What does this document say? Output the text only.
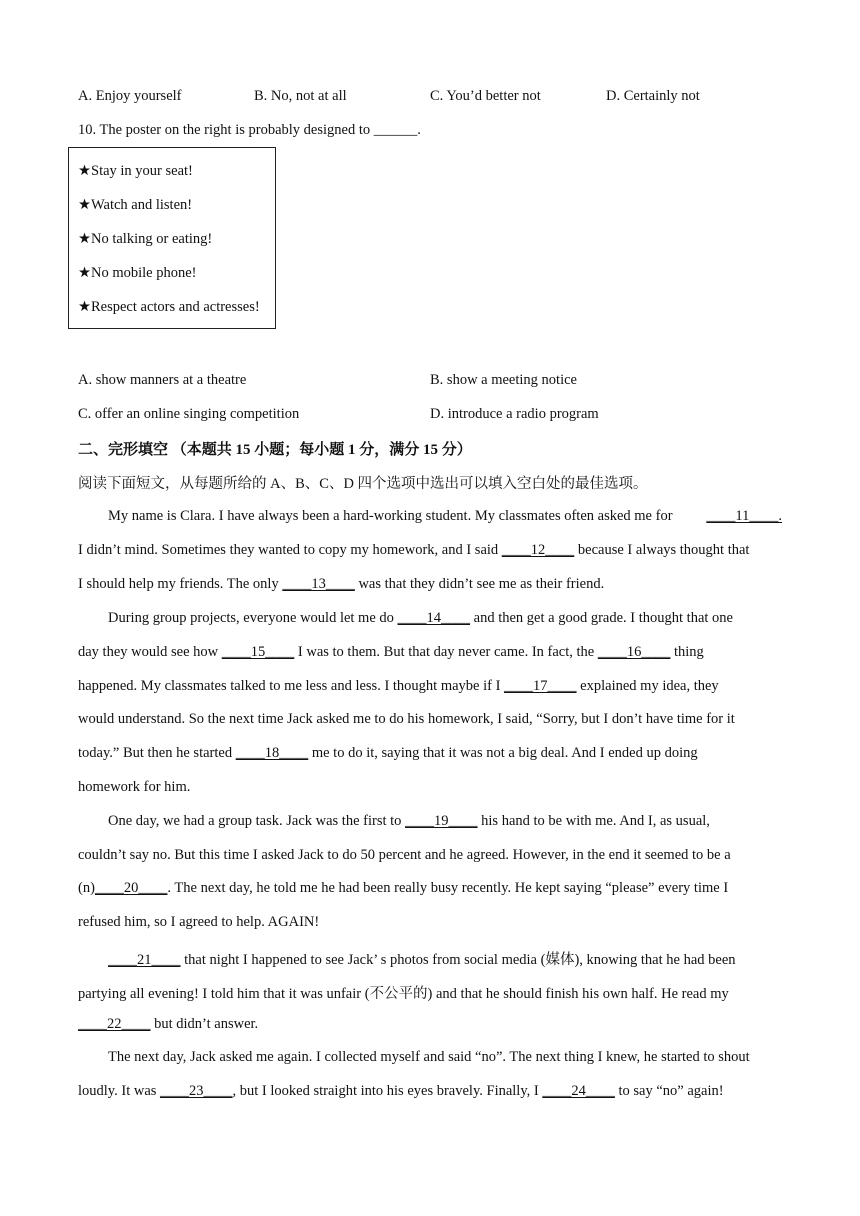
A. Enjoy yourself	B. No, not at all	C. You’d better not	D. Certainly not
10. The poster on the right is probably designed to ______.
★Stay in your seat!
★Watch and listen!
★No talking or eating!
★No mobile phone!
★Respect actors and actresses!
A. show manners at a theatre	B. show a meeting notice
C. offer an online singing competition	D. introduce a radio program
二、完形填空 （本题共 15 小题；每小题 1 分，满分 15 分）
阅读下面短文，从每题所给的 A、B、C、D 四个选项中选出可以填入空白处的最佳选项。
My name is Clara. I have always been a hard-working student. My classmates often asked me for ____11____.
I didn’t mind. Sometimes they wanted to copy my homework, and I said ____12____ because I always thought that
I should help my friends. The only ____13____ was that they didn’t see me as their friend.
During group projects, everyone would let me do ____14____ and then get a good grade. I thought that one
day they would see how ____15____ I was to them. But that day never came. In fact, the ____16____ thing
happened. My classmates talked to me less and less. I thought maybe if I ____17____ explained my idea, they
would understand. So the next time Jack asked me to do his homework, I said, “Sorry, but I don’t have time for it
today.” But then he started ____18____ me to do it, saying that it was not a big deal. And I ended up doing
homework for him.
One day, we had a group task. Jack was the first to ____19____ his hand to be with me. And I, as usual,
couldn’t say no. But this time I asked Jack to do 50 percent and he agreed. However, in the end it seemed to be a
(n)____20____. The next day, he told me he had been really busy recently. He kept saying “please” every time I
refused him, so I agreed to help. AGAIN!
____21____ that night I happened to see Jack’ s photos from social media (媒体), knowing that he had been
partying all evening! I told him that it was unfair (不公平的) and that he should finish his own half. He read my
____22____ but didn’t answer.
The next day, Jack asked me again. I collected myself and said “no”. The next thing I knew, he started to shout
loudly. It was ____23____, but I looked straight into his eyes bravely. Finally, I ____24____ to say “no” again!
